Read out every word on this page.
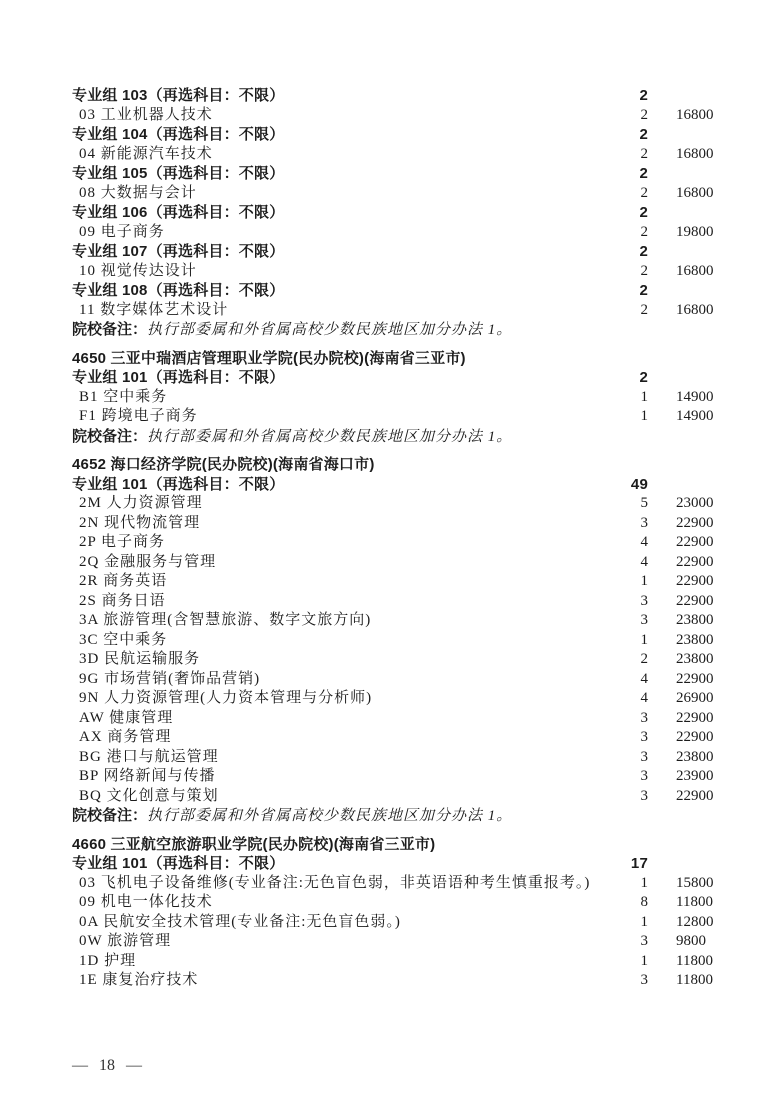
专业组 103（再选科目：不限）	2
03 工业机器人技术	2 16800
专业组 104（再选科目：不限）	2
04 新能源汽车技术	2 16800
专业组 105（再选科目：不限）	2
08 大数据与会计	2 16800
专业组 106（再选科目：不限）	2
09 电子商务	2 19800
专业组 107（再选科目：不限）	2
10 视觉传达设计	2 16800
专业组 108（再选科目：不限）	2
11 数字媒体艺术设计	2 16800
院校备注：执行部委属和外省属高校少数民族地区加分办法 1。
4650 三亚中瑞酒店管理职业学院(民办院校)(海南省三亚市)
专业组 101（再选科目：不限）	2
B1 空中乘务	1 14900
F1 跨境电子商务	1 14900
院校备注：执行部委属和外省属高校少数民族地区加分办法 1。
4652 海口经济学院(民办院校)(海南省海口市)
专业组 101（再选科目：不限）	49
2M 人力资源管理	5 23000
2N 现代物流管理	3 22900
2P 电子商务	4 22900
2Q 金融服务与管理	4 22900
2R 商务英语	1 22900
2S 商务日语	3 22900
3A 旅游管理(含智慧旅游、数字文旅方向)	3 23800
3C 空中乘务	1 23800
3D 民航运输服务	2 23800
9G 市场营销(奢饰品营销)	4 22900
9N 人力资源管理(人力资本管理与分析师)	4 26900
AW 健康管理	3 22900
AX 商务管理	3 22900
BG 港口与航运管理	3 23800
BP 网络新闻与传播	3 23900
BQ 文化创意与策划	3 22900
院校备注：执行部委属和外省属高校少数民族地区加分办法 1。
4660 三亚航空旅游职业学院(民办院校)(海南省三亚市)
专业组 101（再选科目：不限）	17
03 飞机电子设备维修(专业备注:无色盲色弱，非英语语种考生慎重报考。)	1 15800
09 机电一体化技术	8 11800
0A 民航安全技术管理(专业备注:无色盲色弱。)	1 12800
0W 旅游管理	3 9800
1D 护理	1 11800
1E 康复治疗技术	3 11800
— 18 —
